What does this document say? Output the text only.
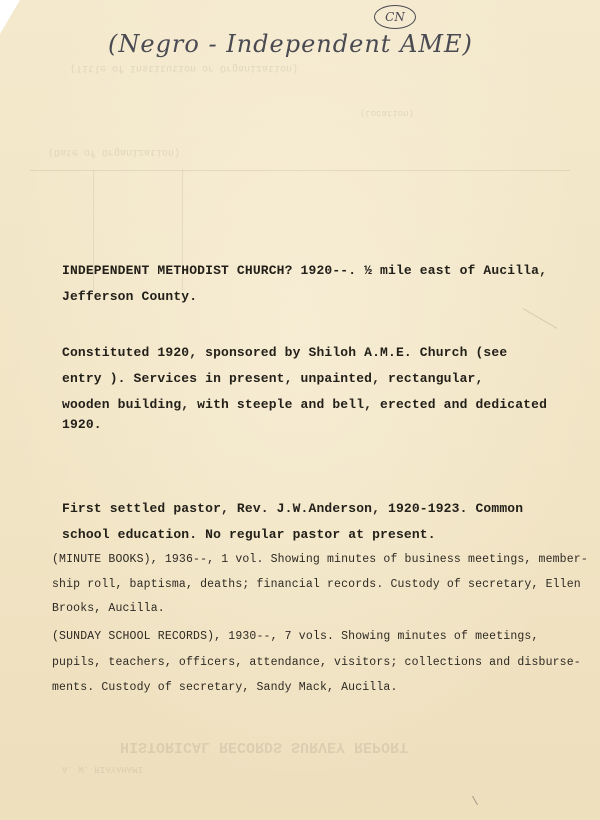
(Title of Institution or Organization)
(Location)
(Date of Organization)
HISTORICAL RECORDS SURVEY REPORT
A. W. RIAYAHAMI
CN
(Negro - Independent AME)
INDEPENDENT METHODIST CHURCH? 1920--. ½ mile east of Aucilla,
Jefferson County.
Constituted 1920, sponsored by Shiloh A.M.E. Church (see
entry ). Services in present, unpainted, rectangular,
wooden building, with steeple and bell, erected and dedicated
1920.
First settled pastor, Rev. J.W.Anderson, 1920-1923. Common
school education. No regular pastor at present.
(MINUTE BOOKS), 1936--, 1 vol. Showing minutes of business meetings, member-
ship roll, baptisma, deaths; financial records. Custody of secretary, Ellen
Brooks, Aucilla.
(SUNDAY SCHOOL RECORDS), 1930--, 7 vols. Showing minutes of meetings,
pupils, teachers, officers, attendance, visitors; collections and disburse-
ments. Custody of secretary, Sandy Mack, Aucilla.
